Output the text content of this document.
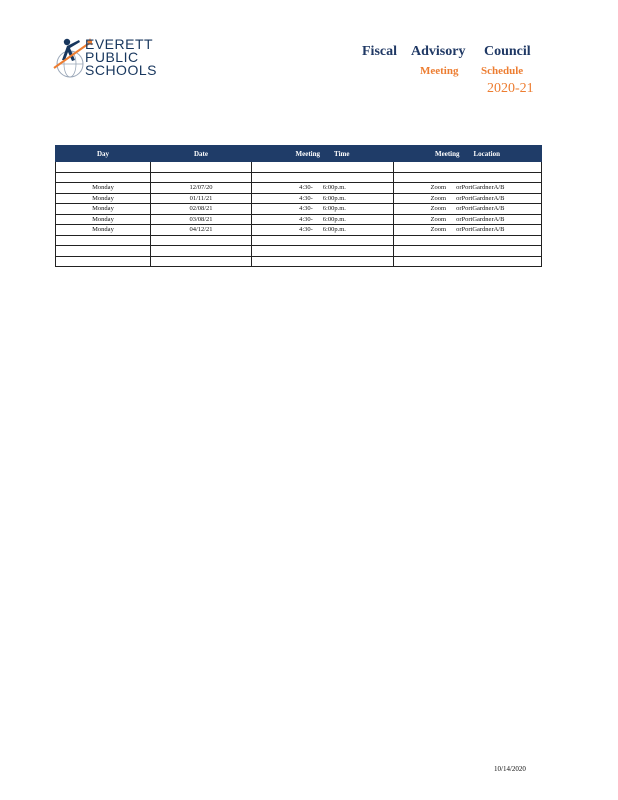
EVERETT
PUBLIC
SCHOOLS
Fiscal Advisory Council
Meeting Schedule
2020-21
Day	Date	Meeting Time	Meeting Location

Monday	12/07/20	4:30- 6:00p.m.	Zoom orPortGardnerA/B
Monday	01/11/21	4:30- 6:00p.m.	Zoom orPortGardnerA/B
Monday	02/08/21	4:30- 6:00p.m.	Zoom orPortGardnerA/B
Monday	03/08/21	4:30- 6:00p.m.	Zoom orPortGardnerA/B
Monday	04/12/21	4:30- 6:00p.m.	Zoom orPortGardnerA/B

10/14/2020
